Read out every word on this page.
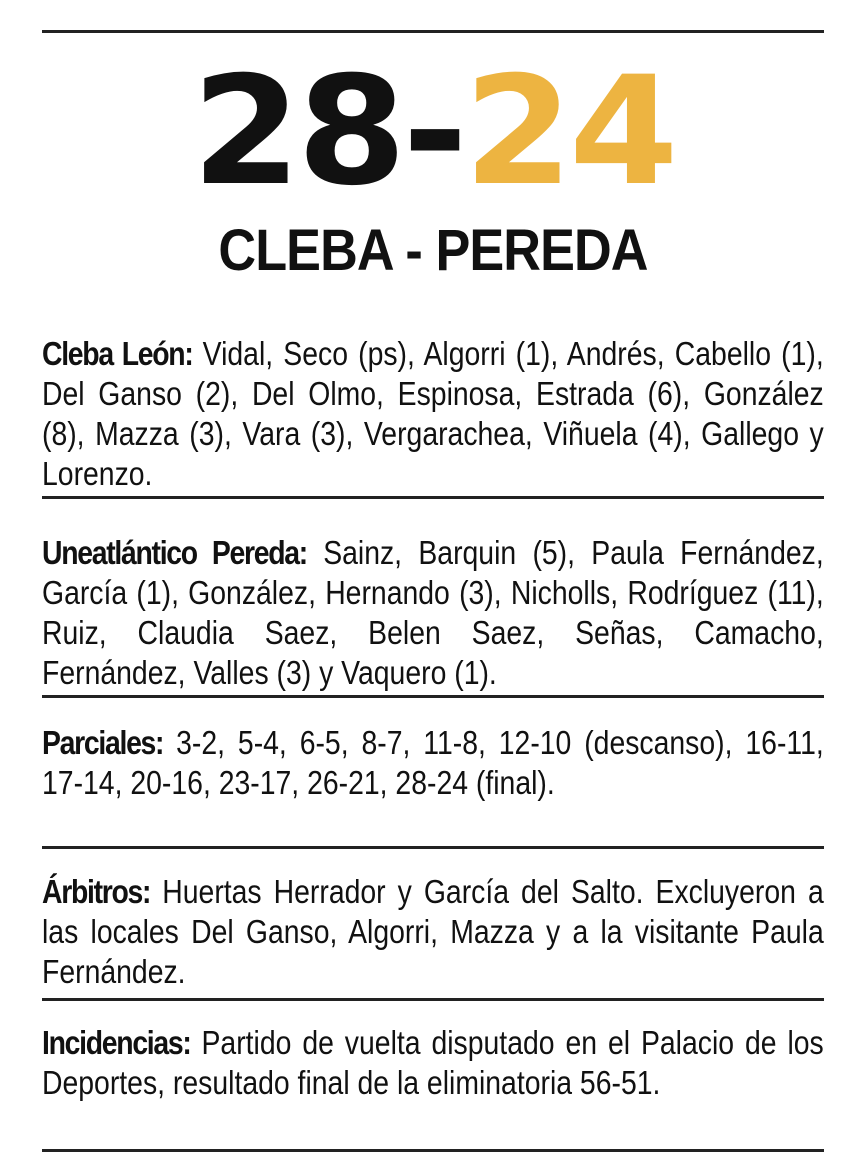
28-24
CLEBA - PEREDA

Cleba León: Vidal, Seco (ps), Algorri (1), Andrés, Cabello (1), Del Ganso (2), Del Olmo, Espinosa, Estrada (6), González (8), Mazza (3), Vara (3), Vergarachea, Viñuela (4), Gallego y Lorenzo.

Uneatlántico Pereda: Sainz, Barquin (5), Paula Fernández, García (1), González, Hernando (3), Nicholls, Rodríguez (11), Ruiz, Claudia Saez, Belen Saez, Señas, Camacho, Fernández, Valles (3) y Vaquero (1).

Parciales: 3-2, 5-4, 6-5, 8-7, 11-8, 12-10 (descanso), 16-11, 17-14, 20-16, 23-17, 26-21, 28-24 (final).

Árbitros: Huertas Herrador y García del Salto. Excluyeron a las locales Del Ganso, Algorri, Mazza y a la visitante Paula Fernández.

Incidencias: Partido de vuelta disputado en el Palacio de los Deportes, resultado final de la eliminatoria 56-51.
